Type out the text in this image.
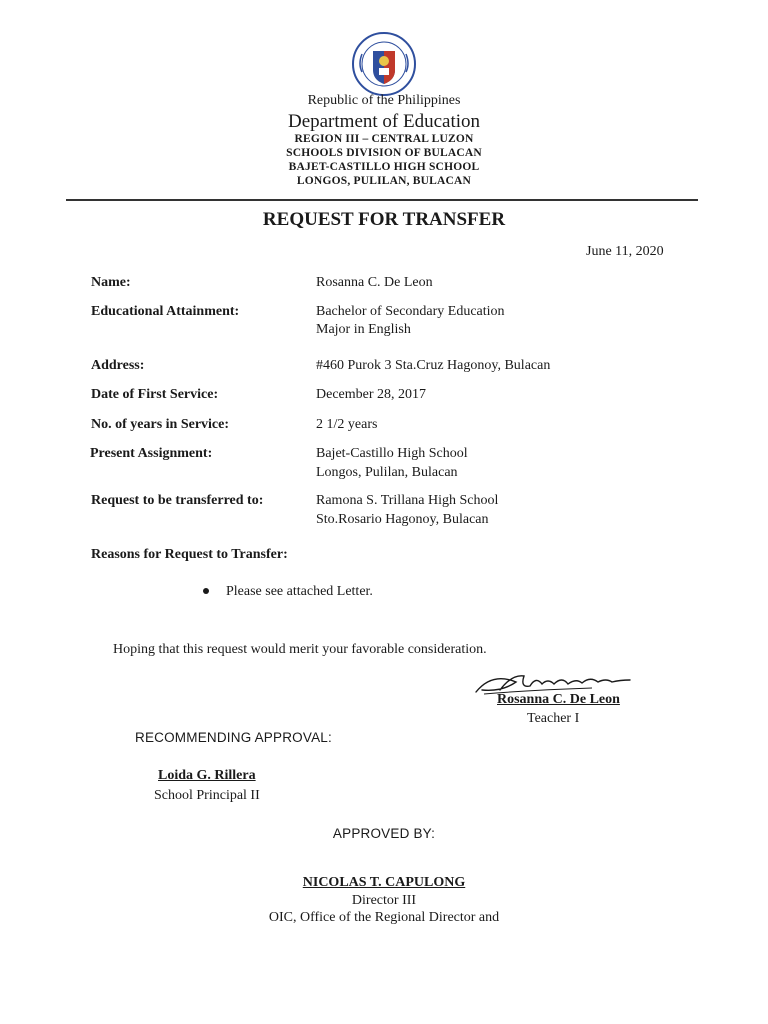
Republic of the Philippines
Department of Education
REGION III – CENTRAL LUZON
SCHOOLS DIVISION OF BULACAN
BAJET-CASTILLO HIGH SCHOOL
LONGOS, PULILAN, BULACAN
REQUEST FOR TRANSFER
June 11, 2020
Name:	Rosanna C. De Leon
Educational Attainment:	Bachelor of Secondary Education
Major in English
Address:	#460 Purok 3 Sta.Cruz Hagonoy, Bulacan
Date of First Service:	December 28, 2017
No. of years in Service:	2 1/2 years
Present Assignment:	Bajet-Castillo High School
Longos, Pulilan, Bulacan
Request to be transferred to:	Ramona S. Trillana High School
Sto.Rosario Hagonoy, Bulacan
Reasons for Request to Transfer:
Please see attached Letter.
Hoping that this request would merit your favorable consideration.
Rosanna C. De Leon
Teacher I
RECOMMENDING APPROVAL:
Loida G. Rillera
School Principal II
APPROVED BY:
NICOLAS T. CAPULONG
Director III
OIC, Office of the Regional Director and
